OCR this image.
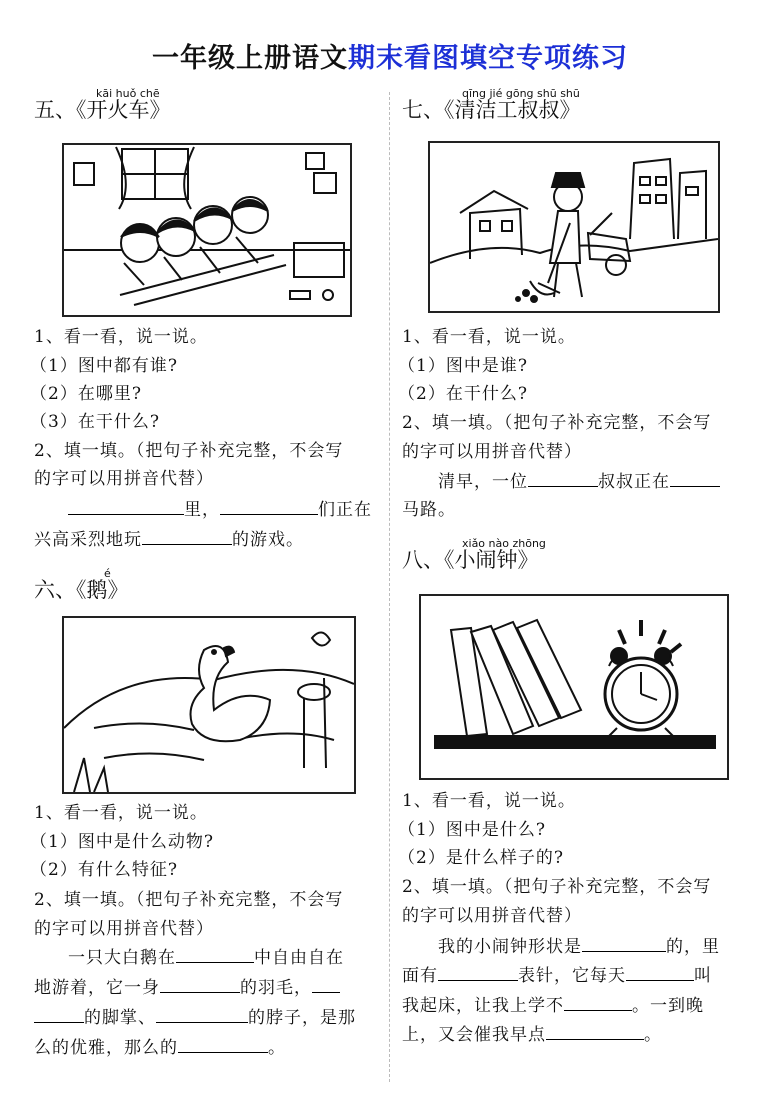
一年级上册语文期末看图填空专项练习
五、《开火车》
kāi huǒ chē
1、看一看，说一说。
（1）图中都有谁?
（2）在哪里?
（3）在干什么?
2、填一填。（把句子补充完整，不会写
的字可以用拼音代替）
里，	们正在
兴高采烈地玩	的游戏。
六、《鹅》
é
1、看一看，说一说。
（1）图中是什么动物?
（2）有什么特征?
2、填一填。（把句子补充完整，不会写
的字可以用拼音代替）
一只大白鹅在	中自由自在
地游着，它一身	的羽毛，
的脚掌、	的脖子，是那
么的优雅，那么的	。
七、《清洁工叔叔》
qīng jié gōng shū shū
1、看一看，说一说。
（1）图中是谁?
（2）在干什么?
2、填一填。（把句子补充完整，不会写
的字可以用拼音代替）
清早，一位	叔叔正在
马路。
八、《小闹钟》
xiǎo nào zhōng
1、看一看，说一说。
（1）图中是什么?
（2）是什么样子的?
2、填一填。（把句子补充完整，不会写
的字可以用拼音代替）
我的小闹钟形状是	的，里
面有	表针，它每天	叫
我起床，让我上学不	。一到晚
上，又会催我早点	。
